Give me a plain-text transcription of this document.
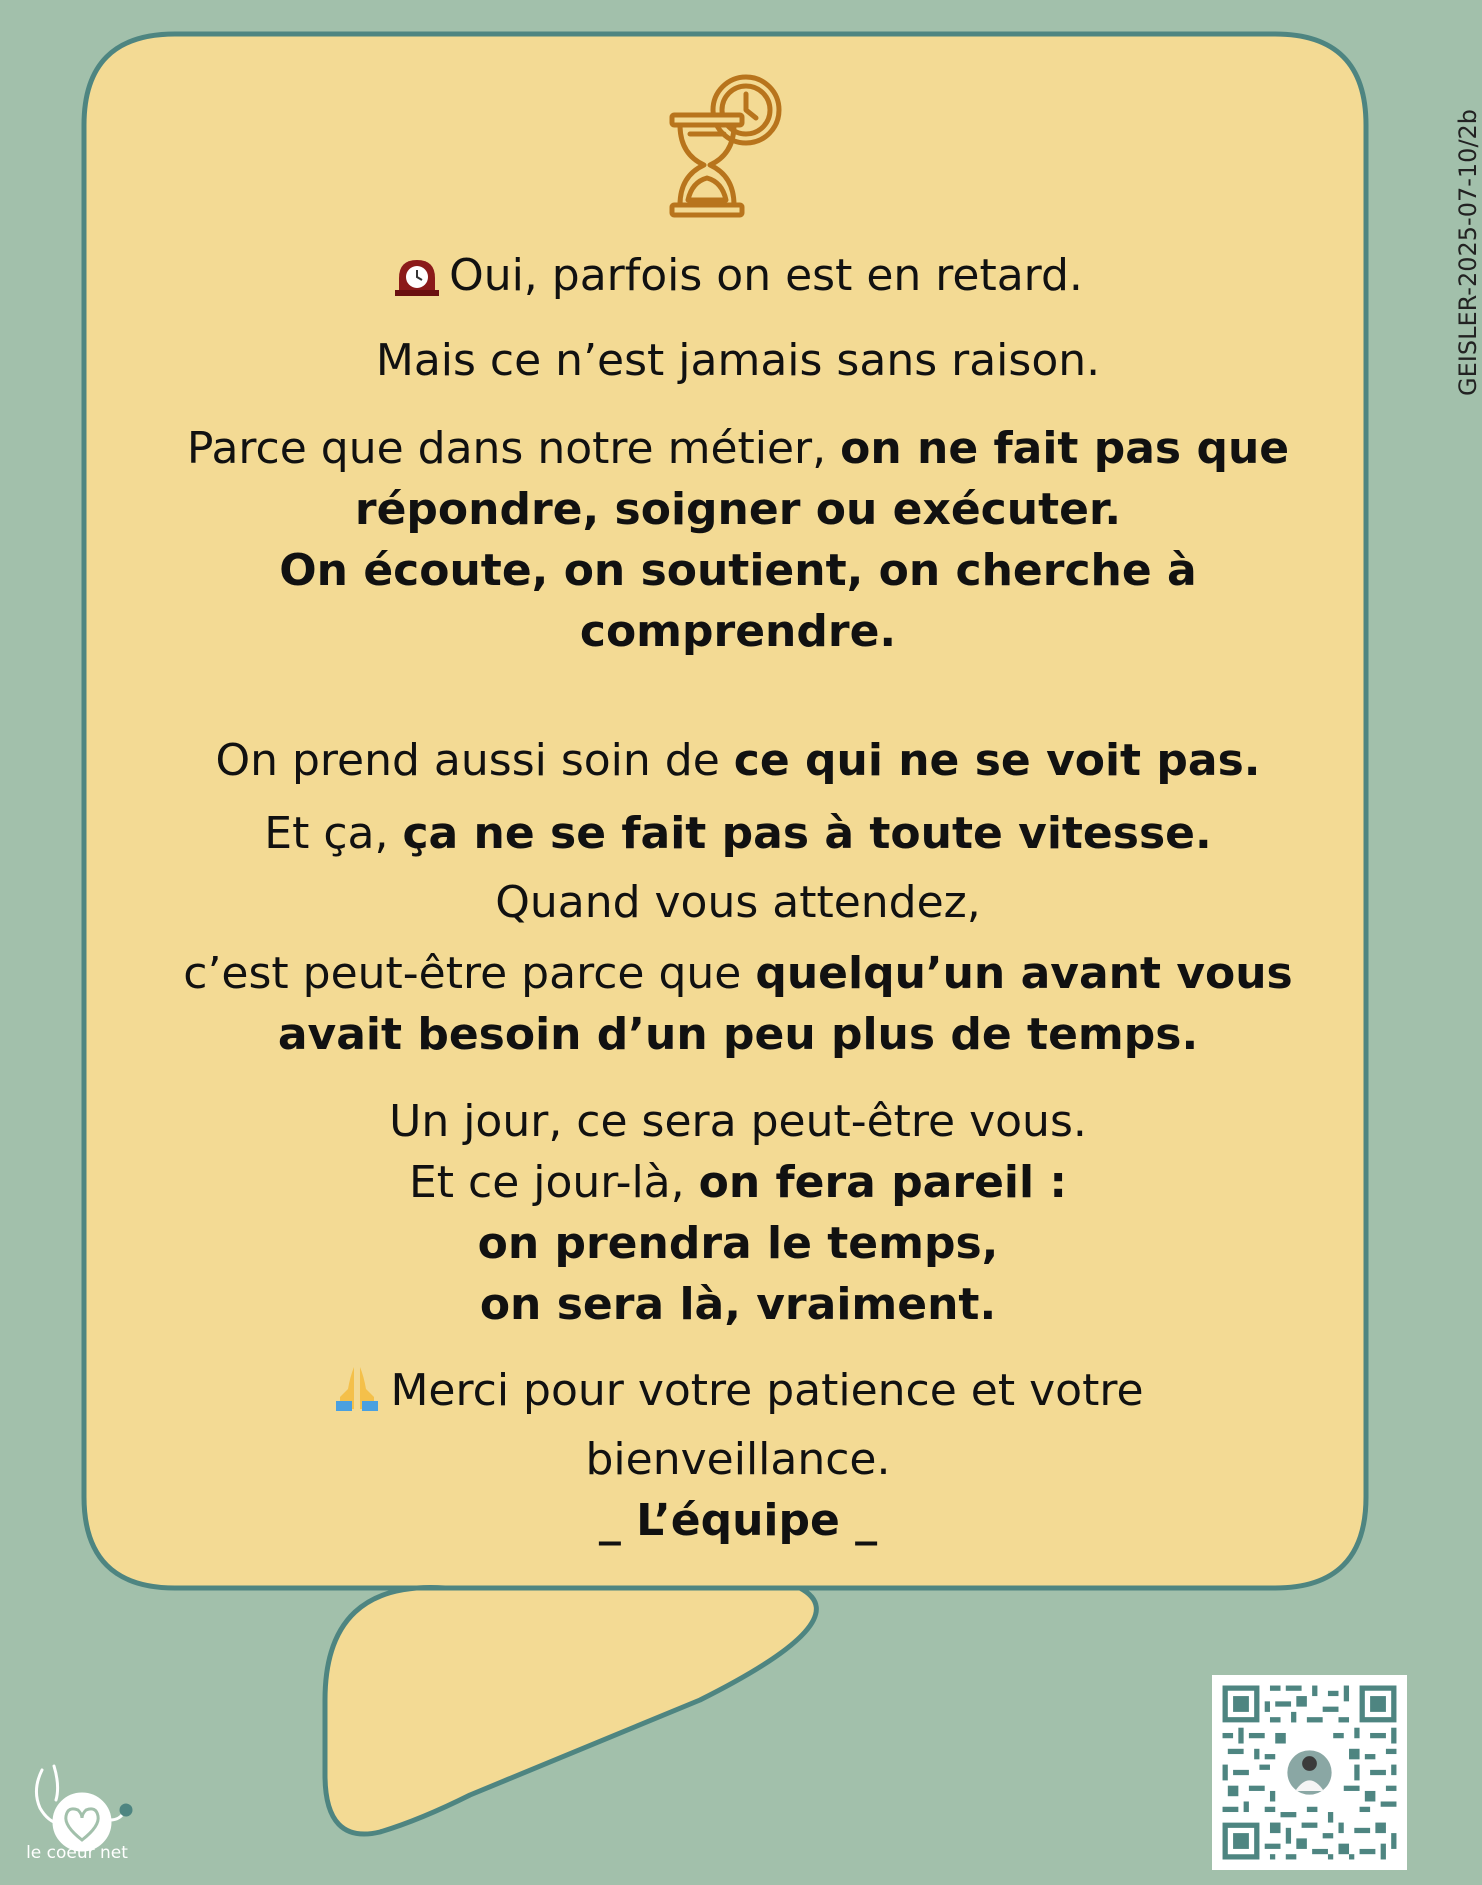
Oui, parfois on est en retard.
Mais ce n’est jamais sans raison.
Parce que dans notre métier, on ne fait pas que
répondre, soigner ou exécuter.
On écoute, on soutient, on cherche à
comprendre.
On prend aussi soin de ce qui ne se voit pas.
Et ça, ça ne se fait pas à toute vitesse.
Quand vous attendez,
c’est peut-être parce que quelqu’un avant vous
avait besoin d’un peu plus de temps.
Un jour, ce sera peut-être vous.
Et ce jour-là, on fera pareil :
on prendra le temps,
on sera là, vraiment.
Merci pour votre patience et votre
bienveillance.
_ L’équipe _
GEISLER-2025-07-10/2b
le coeur net
